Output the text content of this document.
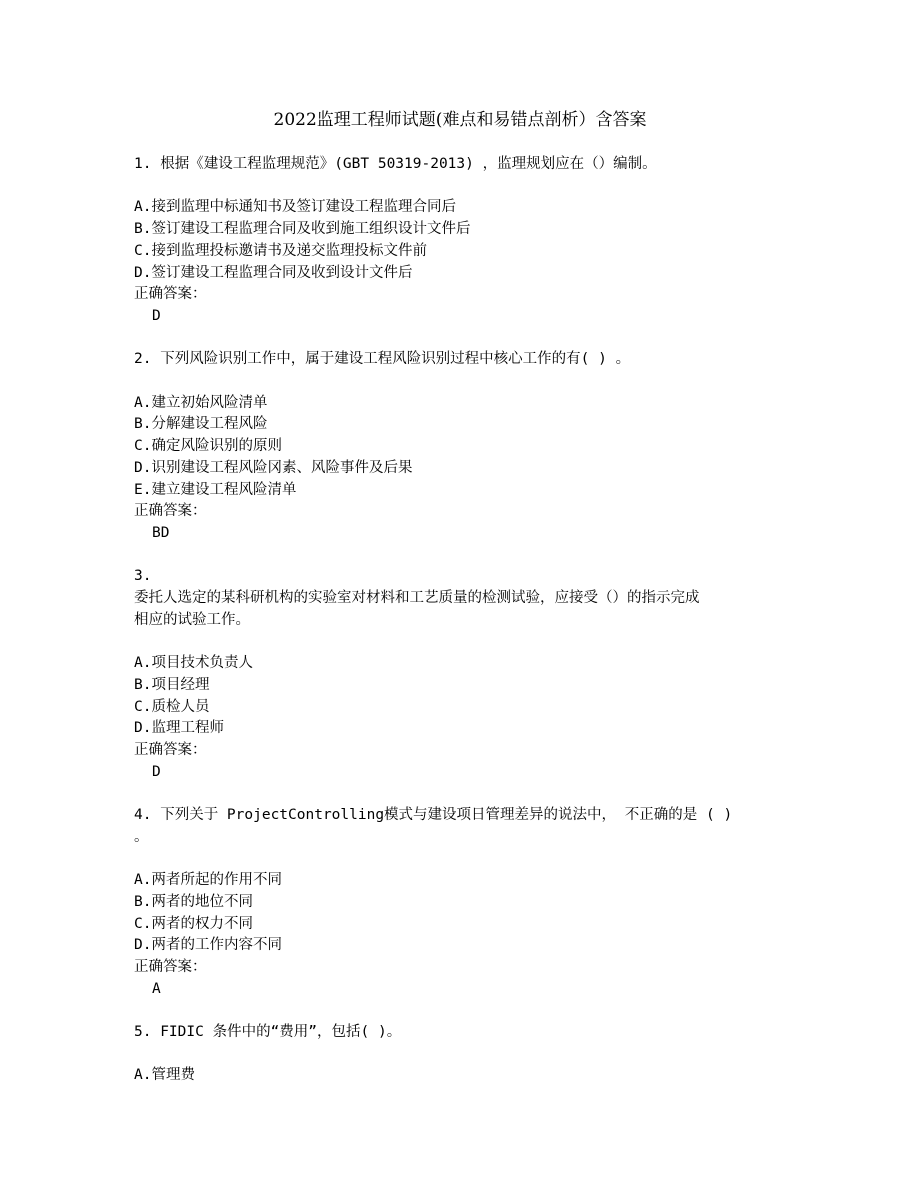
2022监理工程师试题(难点和易错点剖析）含答案
1. 根据《建设工程监理规范》(GBT 50319-2013) ，监理规划应在（）编制。
A.接到监理中标通知书及签订建设工程监理合同后
B.签订建设工程监理合同及收到施工组织设计文件后
C.接到监理投标邀请书及递交监理投标文件前
D.签订建设工程监理合同及收到设计文件后
正确答案：
D
2. 下列风险识别工作中，属于建设工程风险识别过程中核心工作的有( ) 。
A.建立初始风险清单
B.分解建设工程风险
C.确定风险识别的原则
D.识别建设工程风险冈素、风险事件及后果
E.建立建设工程风险清单
正确答案：
BD
3.
委托人选定的某科研机构的实验室对材料和工艺质量的检测试验，应接受（）的指示完成
相应的试验工作。
A.项目技术负责人
B.项目经理
C.质检人员
D.监理工程师
正确答案：
D
4. 下列关于 ProjectControlling模式与建设项日管理差异的说法中， 不正确的是 ( )
。
A.两者所起的作用不同
B.两者的地位不同
C.两者的权力不同
D.两者的工作内容不同
正确答案：
A
5. FIDIC 条件中的“费用”，包括( )。
A.管理费
